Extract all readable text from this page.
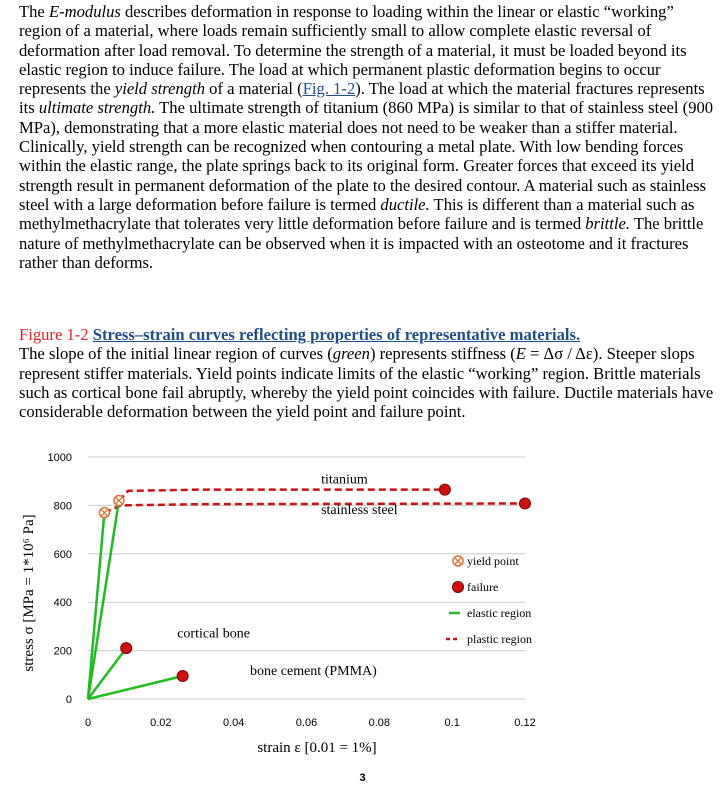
The E-modulus describes deformation in response to loading within the linear or elastic “working” region of a material, where loads remain sufficiently small to allow complete elastic reversal of deformation after load removal. To determine the strength of a material, it must be loaded beyond its elastic region to induce failure. The load at which permanent plastic deformation begins to occur represents the yield strength of a material (Fig. 1-2). The load at which the material fractures represents its ultimate strength. The ultimate strength of titanium (860 MPa) is similar to that of stainless steel (900 MPa), demonstrating that a more elastic material does not need to be weaker than a stiffer material. Clinically, yield strength can be recognized when contouring a metal plate. With low bending forces within the elastic range, the plate springs back to its original form. Greater forces that exceed its yield strength result in permanent deformation of the plate to the desired contour. A material such as stainless steel with a large deformation before failure is termed ductile. This is different than a material such as methylmethacrylate that tolerates very little deformation before failure and is termed brittle. The brittle nature of methylmethacrylate can be observed when it is impacted with an osteotome and it fractures rather than deforms.

Figure 1-2 Stress–strain curves reflecting properties of representative materials.
The slope of the initial linear region of curves (green) represents stiffness (E = Δσ / Δε). Steeper slops represent stiffer materials. Yield points indicate limits of the elastic “working” region. Brittle materials such as cortical bone fail abruptly, whereby the yield point coincides with failure. Ductile materials have considerable deformation between the yield point and failure point.

0
200
400
600
800
1000
0	0.02	0.04	0.06	0.08	0.1	0.12
strain ε [0.01 = 1%]
stress σ [MPa = 1*10⁶ Pa]
titanium
stainless steel
cortical bone
bone cement (PMMA)
yield point
failure
elastic region
plastic region
3
